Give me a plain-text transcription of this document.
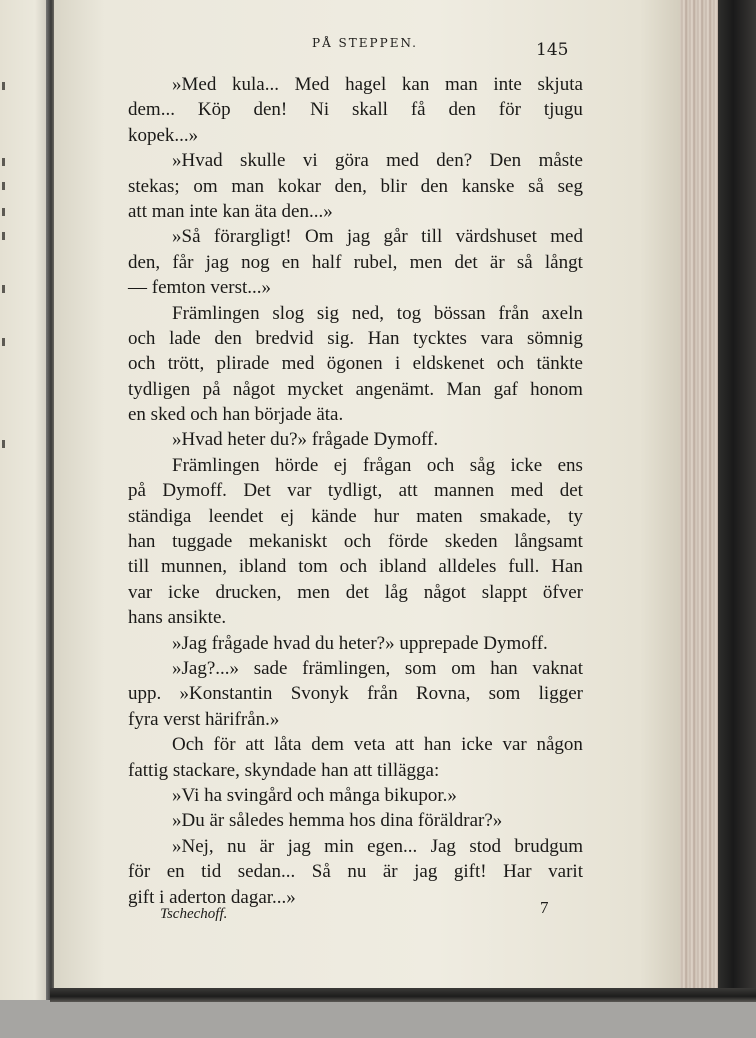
PÅ STEPPEN.	145
»Med kula... Med hagel kan man inte skjuta
dem... Köp den! Ni skall få den för tjugu
kopek...»
»Hvad skulle vi göra med den? Den måste
stekas; om man kokar den, blir den kanske så seg
att man inte kan äta den...»
»Så förargligt! Om jag går till värdshuset med
den, får jag nog en half rubel, men det är så långt
— femton verst...»
Främlingen slog sig ned, tog bössan från axeln
och lade den bredvid sig. Han tycktes vara sömnig
och trött, plirade med ögonen i eldskenet och tänkte
tydligen på något mycket angenämt. Man gaf honom
en sked och han började äta.
»Hvad heter du?» frågade Dymoff.
Främlingen hörde ej frågan och såg icke ens
på Dymoff. Det var tydligt, att mannen med det
ständiga leendet ej kände hur maten smakade, ty
han tuggade mekaniskt och förde skeden långsamt
till munnen, ibland tom och ibland alldeles full. Han
var icke drucken, men det låg något slappt öfver
hans ansikte.
»Jag frågade hvad du heter?» upprepade Dymoff.
»Jag?...» sade främlingen, som om han vaknat
upp. »Konstantin Svonyk från Rovna, som ligger
fyra verst härifrån.»
Och för att låta dem veta att han icke var någon
fattig stackare, skyndade han att tillägga:
»Vi ha svingård och många bikupor.»
»Du är således hemma hos dina föräldrar?»
»Nej, nu är jag min egen... Jag stod brudgum
för en tid sedan... Så nu är jag gift! Har varit
gift i aderton dagar...»
Tschechoff.	7
